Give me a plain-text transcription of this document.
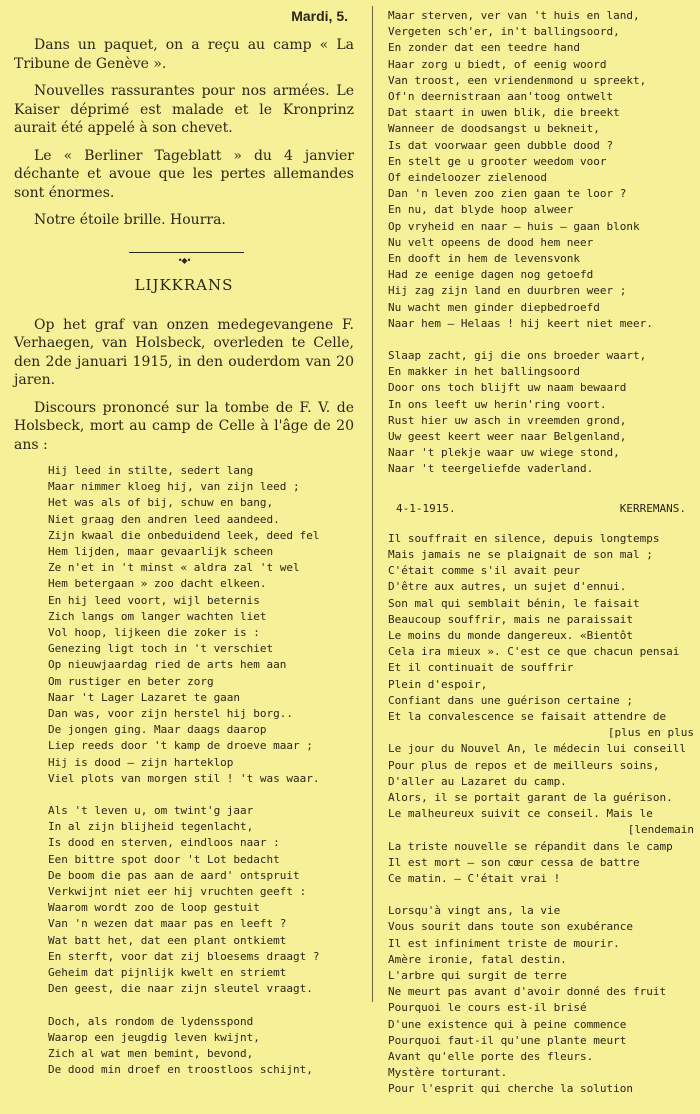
Mardi, 5.

Dans un paquet, on a reçu au camp « La Tribune de Genève ».

Nouvelles rassurantes pour nos armées. Le Kaiser déprimé est malade et le Kronprinz aurait été appelé à son chevet.

Le « Berliner Tageblatt » du 4 janvier déchante et avoue que les pertes allemandes sont énormes.

Notre étoile brille. Hourra.

•◆•
LIJKKRANS

Op het graf van onzen medegevangene F. Verhaegen, van Holsbeck, overleden te Celle, den 2de januari 1915, in den ouderdom van 20 jaren.

Discours prononcé sur la tombe de F. V. de Holsbeck, mort au camp de Celle à l'âge de 20 ans :

Hij leed in stilte, sedert lang
Maar nimmer kloeg hij, van zijn leed ;
Het was als of bij, schuw en bang,
Niet graag den andren leed aandeed.
Zijn kwaal die onbeduidend leek, deed fel
Hem lijden, maar gevaarlijk scheen
Ze n'et in 't minst « aldra zal 't wel
Hem betergaan » zoo dacht elkeen.
En hij leed voort, wijl beternis
Zich langs om langer wachten liet
Vol hoop, lijkeen die zoker is :
Genezing ligt toch in 't verschiet
Op nieuwjaardag ried de arts hem aan
Om rustiger en beter zorg
Naar 't Lager Lazaret te gaan
Dan was, voor zijn herstel hij borg..
De jongen ging. Maar daags daarop
Liep reeds door 't kamp de droeve maar ;
Hij is dood — zijn harteklop
Viel plots van morgen stil ! 't was waar.
Als 't leven u, om twint'g jaar
In al zijn blijheid tegenlacht,
Is dood en sterven, eindloos naar :
Een bittre spot door 't Lot bedacht
De boom die pas aan de aard' ontspruit
Verkwijnt niet eer hij vruchten geeft :
Waarom wordt zoo de loop gestuit
Van 'n wezen dat maar pas en leeft ?
Wat batt het, dat een plant ontkiemt
En sterft, voor dat zij bloesems draagt ?
Geheim dat pijnlijk kwelt en striemt
Den geest, die naar zijn sleutel vraagt.
Doch, als rondom de lydensspond
Waarop een jeugdig leven kwijnt,
Zich al wat men bemint, bevond,
De dood min droef en troostloos schijnt,
Maar sterven, ver van 't huis en land,
Vergeten sch'er, in't ballingsoord,
En zonder dat een teedre hand
Haar zorg u biedt, of eenig woord
Van troost, een vriendenmond u spreekt,
Of'n deernistraan aan'toog ontwelt
Dat staart in uwen blik, die breekt
Wanneer de doodsangst u bekneit,
Is dat voorwaar geen dubble dood ?
En stelt ge u grooter weedom voor
Of eindeloozer zielenood
Dan 'n leven zoo zien gaan te loor ?
En nu, dat blyde hoop alweer
Op vryheid en naar — huis — gaan blonk
Nu velt opeens de dood hem neer
En dooft in hem de levensvonk
Had ze eenige dagen nog getoefd
Hij zag zijn land en duurbren weer ;
Nu wacht men ginder diepbedroefd
Naar hem — Helaas ! hij keert niet meer.
Slaap zacht, gij die ons broeder waart,
En makker in het ballingsoord
Door ons toch blijft uw naam bewaard
In ons leeft uw herin'ring voort.
Rust hier uw asch in vreemden grond,
Uw geest keert weer naar Belgenland,
Naar 't plekje waar uw wiege stond,
Naar 't teergeliefde vaderland.
4-1-1915.	KERREMANS.
Il souffrait en silence, depuis longtemps
Mais jamais ne se plaignait de son mal ;
C'était comme s'il avait peur
D'être aux autres, un sujet d'ennui.
Son mal qui semblait bénin, le faisait
Beaucoup souffrir, mais ne paraissait
Le moins du monde dangereux. «Bientôt
Cela ira mieux ». C'est ce que chacun pensai
Et il continuait de souffrir
Plein d'espoir,
Confiant dans une guérison certaine ;
Et la convalescence se faisait attendre de
[plus en plus
Le jour du Nouvel An, le médecin lui conseill
Pour plus de repos et de meilleurs soins,
D'aller au Lazaret du camp.
Alors, il se portait garant de la guérison.
Le malheureux suivit ce conseil. Mais le
[lendemain
La triste nouvelle se répandit dans le camp
Il est mort — son cœur cessa de battre
Ce matin. — C'était vrai !
Lorsqu'à vingt ans, la vie
Vous sourit dans toute son exubérance
Il est infiniment triste de mourir.
Amère ironie, fatal destin.
L'arbre qui surgit de terre
Ne meurt pas avant d'avoir donné des fruit
Pourquoi le cours est-il brisé
D'une existence qui à peine commence
Pourquoi faut-il qu'une plante meurt
Avant qu'elle porte des fleurs.
Mystère torturant.
Pour l'esprit qui cherche la solution
